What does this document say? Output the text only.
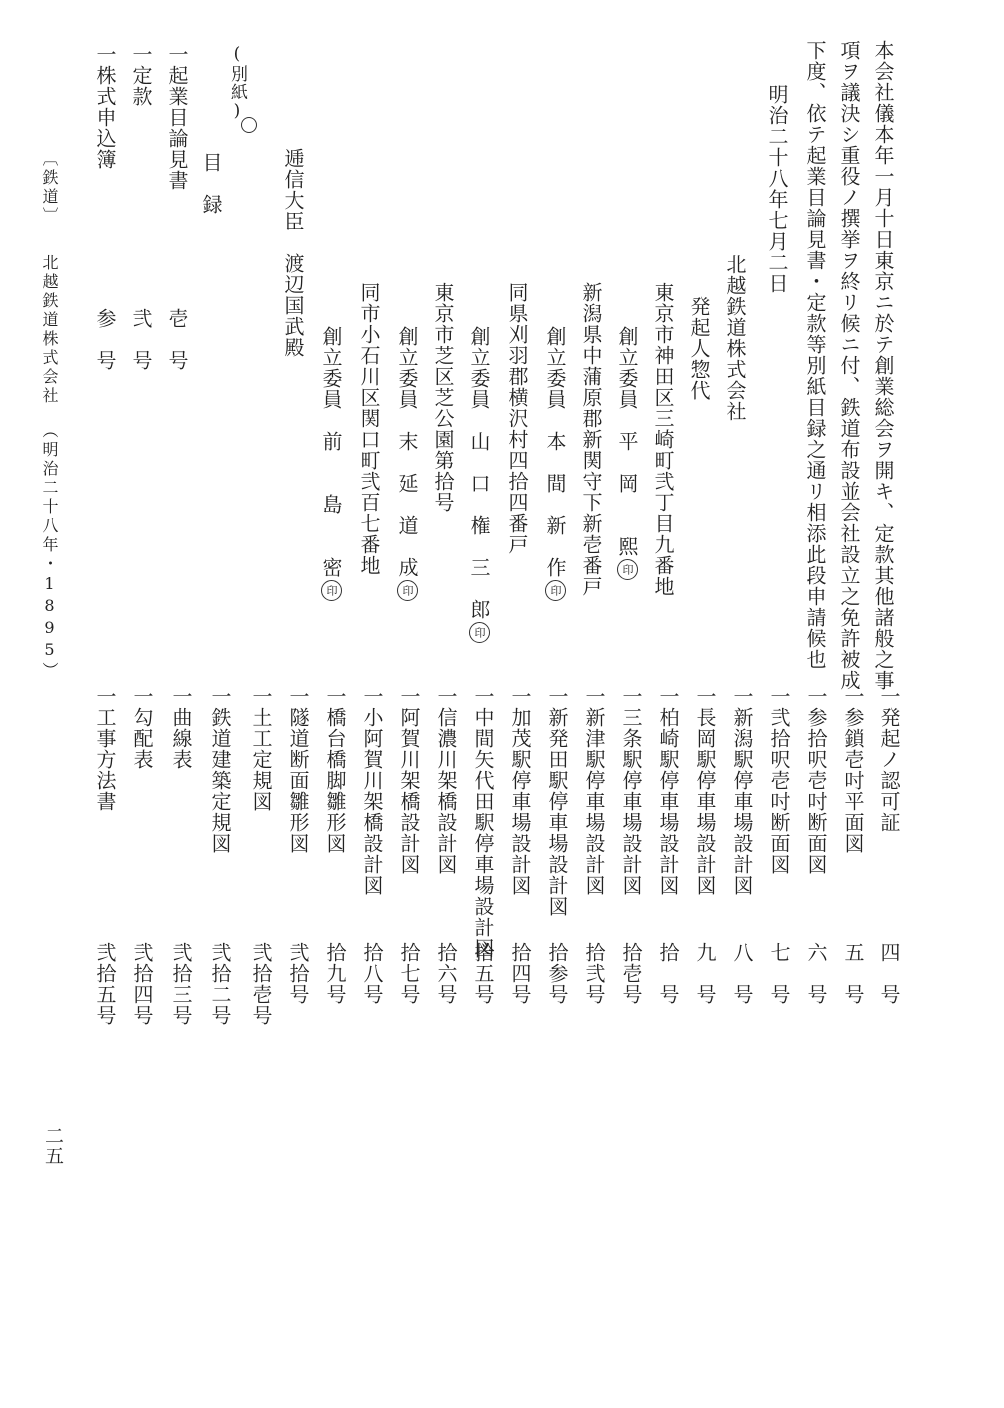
本会社儀本年一月十日東京ニ於テ創業総会ヲ開キ、定款其他諸般之事
項ヲ議決シ重役ノ撰挙ヲ終リ候ニ付、鉄道布設並会社設立之免許被成
下度、依テ起業目論見書・定款等別紙目録之通リ相添此段申請候也
明治二十八年七月二日
北越鉄道株式会社
発起人惣代
東京市神田区三崎町弐丁目九番地
創立委員　平　岡　　熙印
新潟県中蒲原郡新関守下新壱番戸
創立委員　本　間　新　作印
同県刈羽郡横沢村四拾四番戸
創立委員　山　口　権　三　郎印
東京市芝区芝公園第拾号
創立委員　末　延　道　成印
同市小石川区関口町弐百七番地
創立委員　前　　島　　密印
逓信大臣　渡辺国武殿
(別紙)
目　録
一起業目論見書
壱　号
一定款
弐　号
一株式申込簿
参　号
一発起ノ認可証
四　号
一参鎖壱吋平面図
五　号
一参拾呎壱吋断面図
六　号
一弐拾呎壱吋断面図
七　号
一新潟駅停車場設計図
八　号
一長岡駅停車場設計図
九　号
一柏崎駅停車場設計図
拾　号
一三条駅停車場設計図
拾壱号
一新津駅停車場設計図
拾弐号
一新発田駅停車場設計図
拾参号
一加茂駅停車場設計図
拾四号
一中間矢代田駅停車場設計図
拾五号
一信濃川架橋設計図
拾六号
一阿賀川架橋設計図
拾七号
一小阿賀川架橋設計図
拾八号
一橋台橋脚雛形図
拾九号
一隧道断面雛形図
弐拾号
一土工定規図
弐拾壱号
一鉄道建築定規図
弐拾二号
一曲線表
弐拾三号
一勾配表
弐拾四号
一工事方法書
弐拾五号
〔鉄道〕北越鉄道株式会社（明治二十八年・1895）
二五
